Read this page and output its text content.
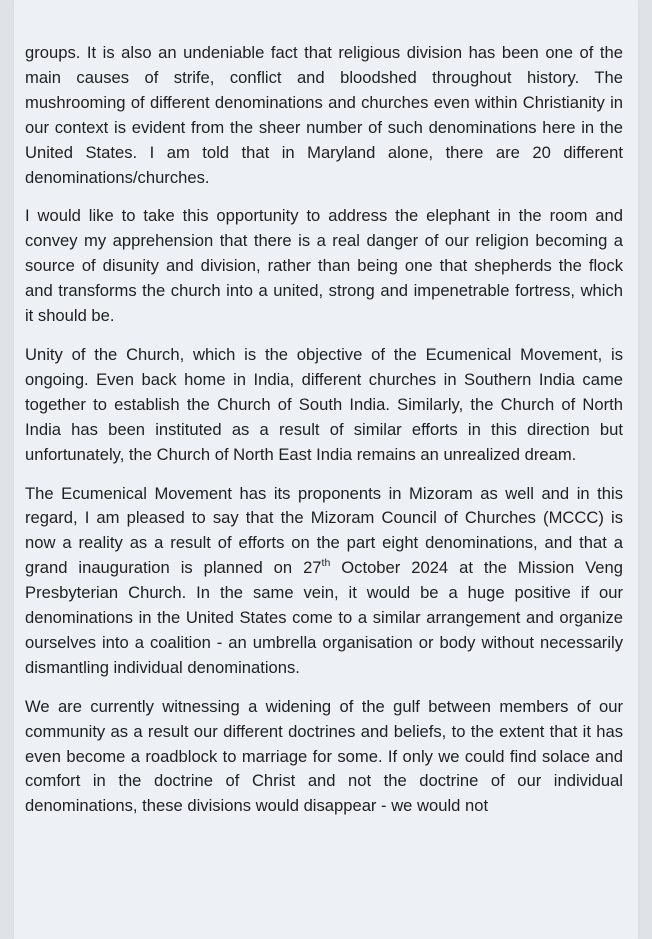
groups. It is also an undeniable fact that religious division has been one of the main causes of strife, conflict and bloodshed throughout history. The mushrooming of different denominations and churches even within Christianity in our context is evident from the sheer number of such denominations here in the United States. I am told that in Maryland alone, there are 20 different denominations/churches.

I would like to take this opportunity to address the elephant in the room and convey my apprehension that there is a real danger of our religion becoming a source of disunity and division, rather than being one that shepherds the flock and transforms the church into a united, strong and impenetrable fortress, which it should be.

Unity of the Church, which is the objective of the Ecumenical Movement, is ongoing. Even back home in India, different churches in Southern India came together to establish the Church of South India. Similarly, the Church of North India has been instituted as a result of similar efforts in this direction but unfortunately, the Church of North East India remains an unrealized dream.

The Ecumenical Movement has its proponents in Mizoram as well and in this regard, I am pleased to say that the Mizoram Council of Churches (MCCC) is now a reality as a result of efforts on the part eight denominations, and that a grand inauguration is planned on 27th October 2024 at the Mission Veng Presbyterian Church. In the same vein, it would be a huge positive if our denominations in the United States come to a similar arrangement and organize ourselves into a coalition - an umbrella organisation or body without necessarily dismantling individual denominations.

We are currently witnessing a widening of the gulf between members of our community as a result our different doctrines and beliefs, to the extent that it has even become a roadblock to marriage for some. If only we could find solace and comfort in the doctrine of Christ and not the doctrine of our individual denominations, these divisions would disappear - we would not
